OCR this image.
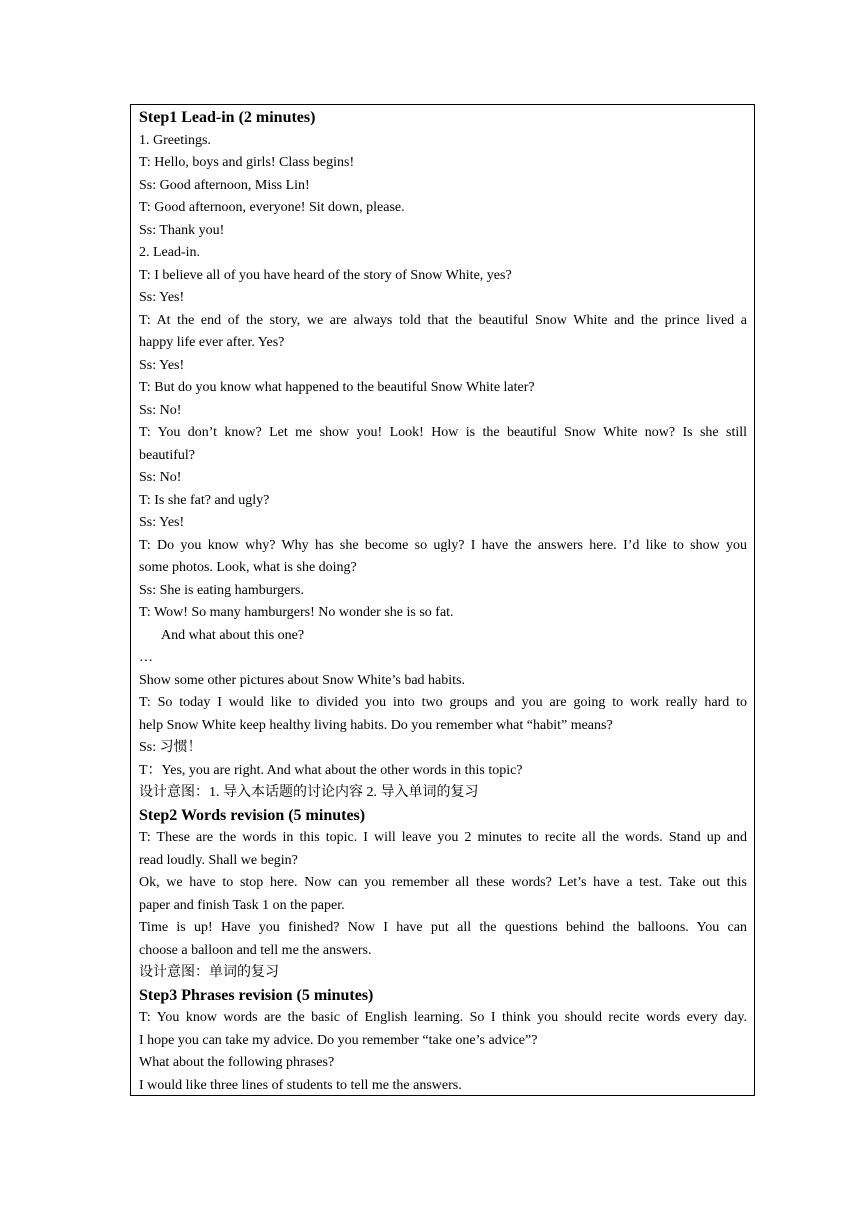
Step1 Lead-in (2 minutes)
1. Greetings.
T: Hello, boys and girls! Class begins!
Ss: Good afternoon, Miss Lin!
T: Good afternoon, everyone! Sit down, please.
Ss: Thank you!
2. Lead-in.
T: I believe all of you have heard of the story of Snow White, yes?
Ss: Yes!
T: At the end of the story, we are always told that the beautiful Snow White and the prince lived a
happy life ever after. Yes?
Ss: Yes!
T: But do you know what happened to the beautiful Snow White later?
Ss: No!
T: You don’t know? Let me show you! Look! How is the beautiful Snow White now? Is she still
beautiful?
Ss: No!
T: Is she fat? and ugly?
Ss: Yes!
T: Do you know why? Why has she become so ugly? I have the answers here. I’d like to show you
some photos. Look, what is she doing?
Ss: She is eating hamburgers.
T: Wow! So many hamburgers! No wonder she is so fat.
And what about this one?
…
Show some other pictures about Snow White’s bad habits.
T: So today I would like to divided you into two groups and you are going to work really hard to
help Snow White keep healthy living habits. Do you remember what “habit” means?
Ss: 习惯！
T：Yes, you are right. And what about the other words in this topic?
设计意图：1. 导入本话题的讨论内容 2. 导入单词的复习
Step2 Words revision (5 minutes)
T: These are the words in this topic. I will leave you 2 minutes to recite all the words. Stand up and
read loudly. Shall we begin?
Ok, we have to stop here. Now can you remember all these words? Let’s have a test. Take out this
paper and finish Task 1 on the paper.
Time is up! Have you finished? Now I have put all the questions behind the balloons. You can
choose a balloon and tell me the answers.
设计意图：单词的复习
Step3 Phrases revision (5 minutes)
T: You know words are the basic of English learning. So I think you should recite words every day.
I hope you can take my advice. Do you remember “take one’s advice”?
What about the following phrases?
I would like three lines of students to tell me the answers.
